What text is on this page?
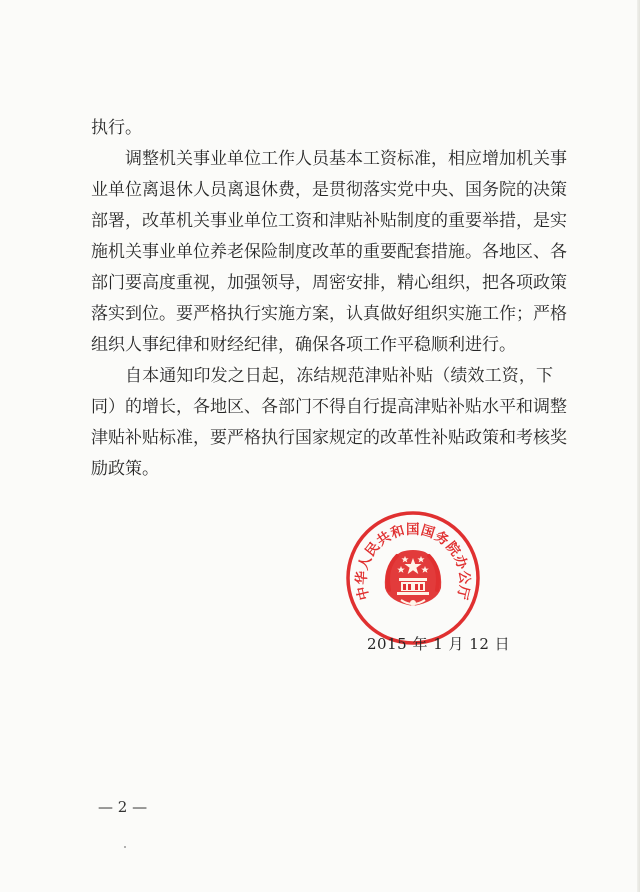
执行。
调整机关事业单位工作人员基本工资标准，相应增加机关事
业单位离退休人员离退休费，是贯彻落实党中央、国务院的决策
部署，改革机关事业单位工资和津贴补贴制度的重要举措，是实
施机关事业单位养老保险制度改革的重要配套措施。各地区、各
部门要高度重视，加强领导，周密安排，精心组织，把各项政策
落实到位。要严格执行实施方案，认真做好组织实施工作；严格
组织人事纪律和财经纪律，确保各项工作平稳顺利进行。
自本通知印发之日起，冻结规范津贴补贴（绩效工资，下
同）的增长，各地区、各部门不得自行提高津贴补贴水平和调整
津贴补贴标准，要严格执行国家规定的改革性补贴政策和考核奖
励政策。
中华人民共和国国务院办公厅
2015 年 1 月 12 日
— 2 —
